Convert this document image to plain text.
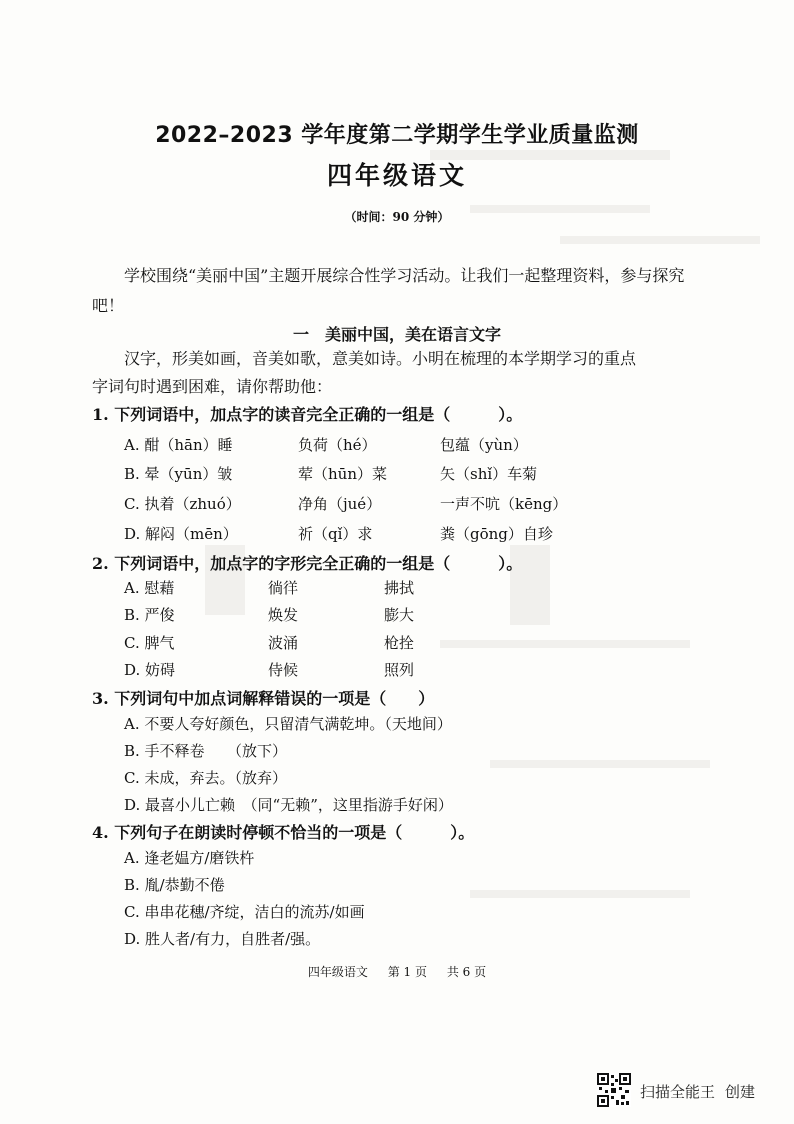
2022–2023 学年度第二学期学生学业质量监测
四年级语文
（时间：90 分钟）
学校围绕“美丽中国”主题开展综合性学习活动。让我们一起整理资料，参与探究吧！
一　美丽中国，美在语言文字
汉字，形美如画，音美如歌，意美如诗。小明在梳理的本学期学习的重点
字词句时遇到困难，请你帮助他：
1. 下列词语中，加点字的读音完全正确的一组是（　　　）。
A. 酣（hān）睡	负荷（hé）	包蕴（yùn）
B. 晕（yūn）皱	荤（hūn）菜	矢（shǐ）车菊
C. 执着（zhuó）	净角（jué）	一声不吭（kēng）
D. 解闷（mēn）	祈（qǐ）求	粪（gōng）自珍
2. 下列词语中，加点字的字形完全正确的一组是（　　　）。
A. 慰藉	徜徉	拂拭
B. 严俊	焕发	膨大
C. 脾气	波涌	枪拴
D. 妨碍	侍候	照列
3. 下列词句中加点词解释错误的一项是（　　）
A. 不要人夸好颜色，只留清气满乾坤。（天地间）
B. 手不释卷　　（放下）
C. 未成，弃去。（放弃）
D. 最喜小儿亡赖　（同“无赖”，这里指游手好闲）
4. 下列句子在朗读时停顿不恰当的一项是（　　　）。
A. 逢老媪方/磨铁杵
B. 胤/恭勤不倦
C. 串串花穗/齐绽，洁白的流苏/如画
D. 胜人者/有力，自胜者/强。
四年级语文 第 1 页 共 6 页
扫描全能王 创建
